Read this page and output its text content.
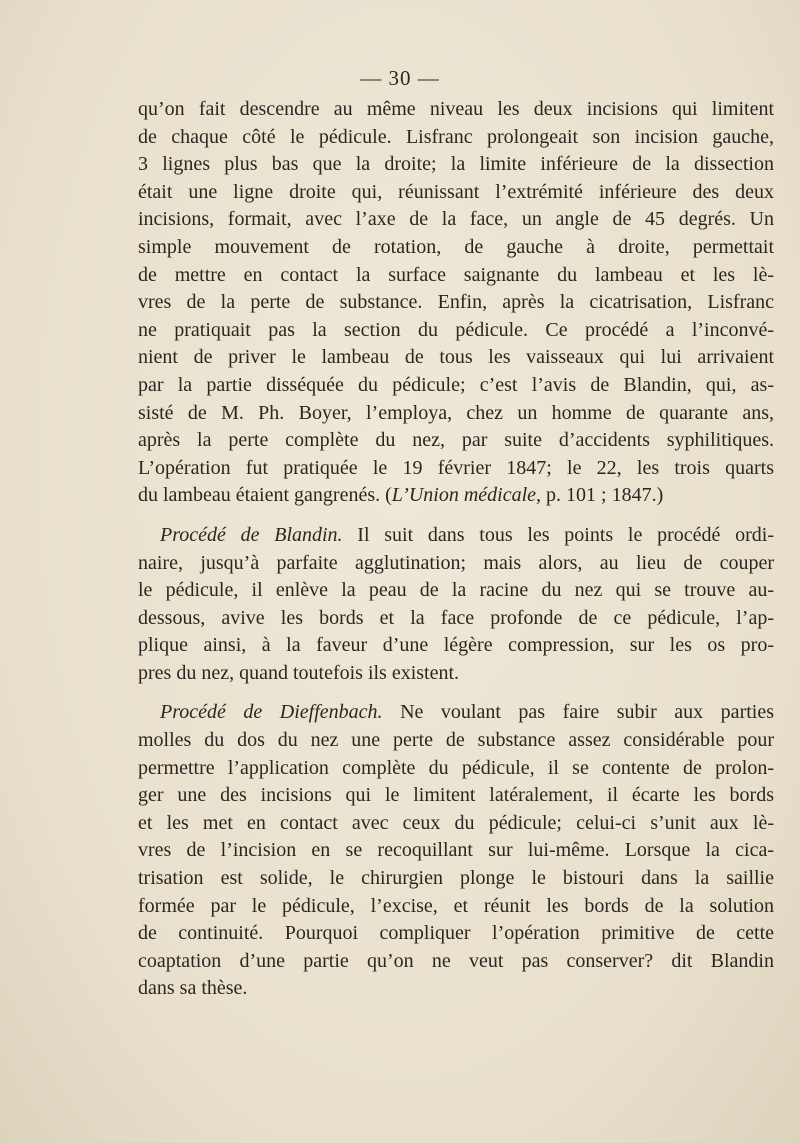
— 30 —
qu’on fait descendre au même niveau les deux incisions qui limitent
de chaque côté le pédicule. Lisfranc prolongeait son incision gauche,
3 lignes plus bas que la droite; la limite inférieure de la dissection
était une ligne droite qui, réunissant l’extrémité inférieure des deux
incisions, formait, avec l’axe de la face, un angle de 45 degrés. Un
simple mouvement de rotation, de gauche à droite, permettait
de mettre en contact la surface saignante du lambeau et les lè-
vres de la perte de substance. Enfin, après la cicatrisation, Lisfranc
ne pratiquait pas la section du pédicule. Ce procédé a l’inconvé-
nient de priver le lambeau de tous les vaisseaux qui lui arrivaient
par la partie disséquée du pédicule; c’est l’avis de Blandin, qui, as-
sisté de M. Ph. Boyer, l’employa, chez un homme de quarante ans,
après la perte complète du nez, par suite d’accidents syphilitiques.
L’opération fut pratiquée le 19 février 1847; le 22, les trois quarts
du lambeau étaient gangrenés. (L’Union médicale, p. 101 ; 1847.)
Procédé de Blandin. Il suit dans tous les points le procédé ordi-
naire, jusqu’à parfaite agglutination; mais alors, au lieu de couper
le pédicule, il enlève la peau de la racine du nez qui se trouve au-
dessous, avive les bords et la face profonde de ce pédicule, l’ap-
plique ainsi, à la faveur d’une légère compression, sur les os pro-
pres du nez, quand toutefois ils existent.
Procédé de Dieffenbach. Ne voulant pas faire subir aux parties
molles du dos du nez une perte de substance assez considérable pour
permettre l’application complète du pédicule, il se contente de prolon-
ger une des incisions qui le limitent latéralement, il écarte les bords
et les met en contact avec ceux du pédicule; celui-ci s’unit aux lè-
vres de l’incision en se recoquillant sur lui-même. Lorsque la cica-
trisation est solide, le chirurgien plonge le bistouri dans la saillie
formée par le pédicule, l’excise, et réunit les bords de la solution
de continuité. Pourquoi compliquer l’opération primitive de cette
coaptation d’une partie qu’on ne veut pas conserver? dit Blandin
dans sa thèse.
